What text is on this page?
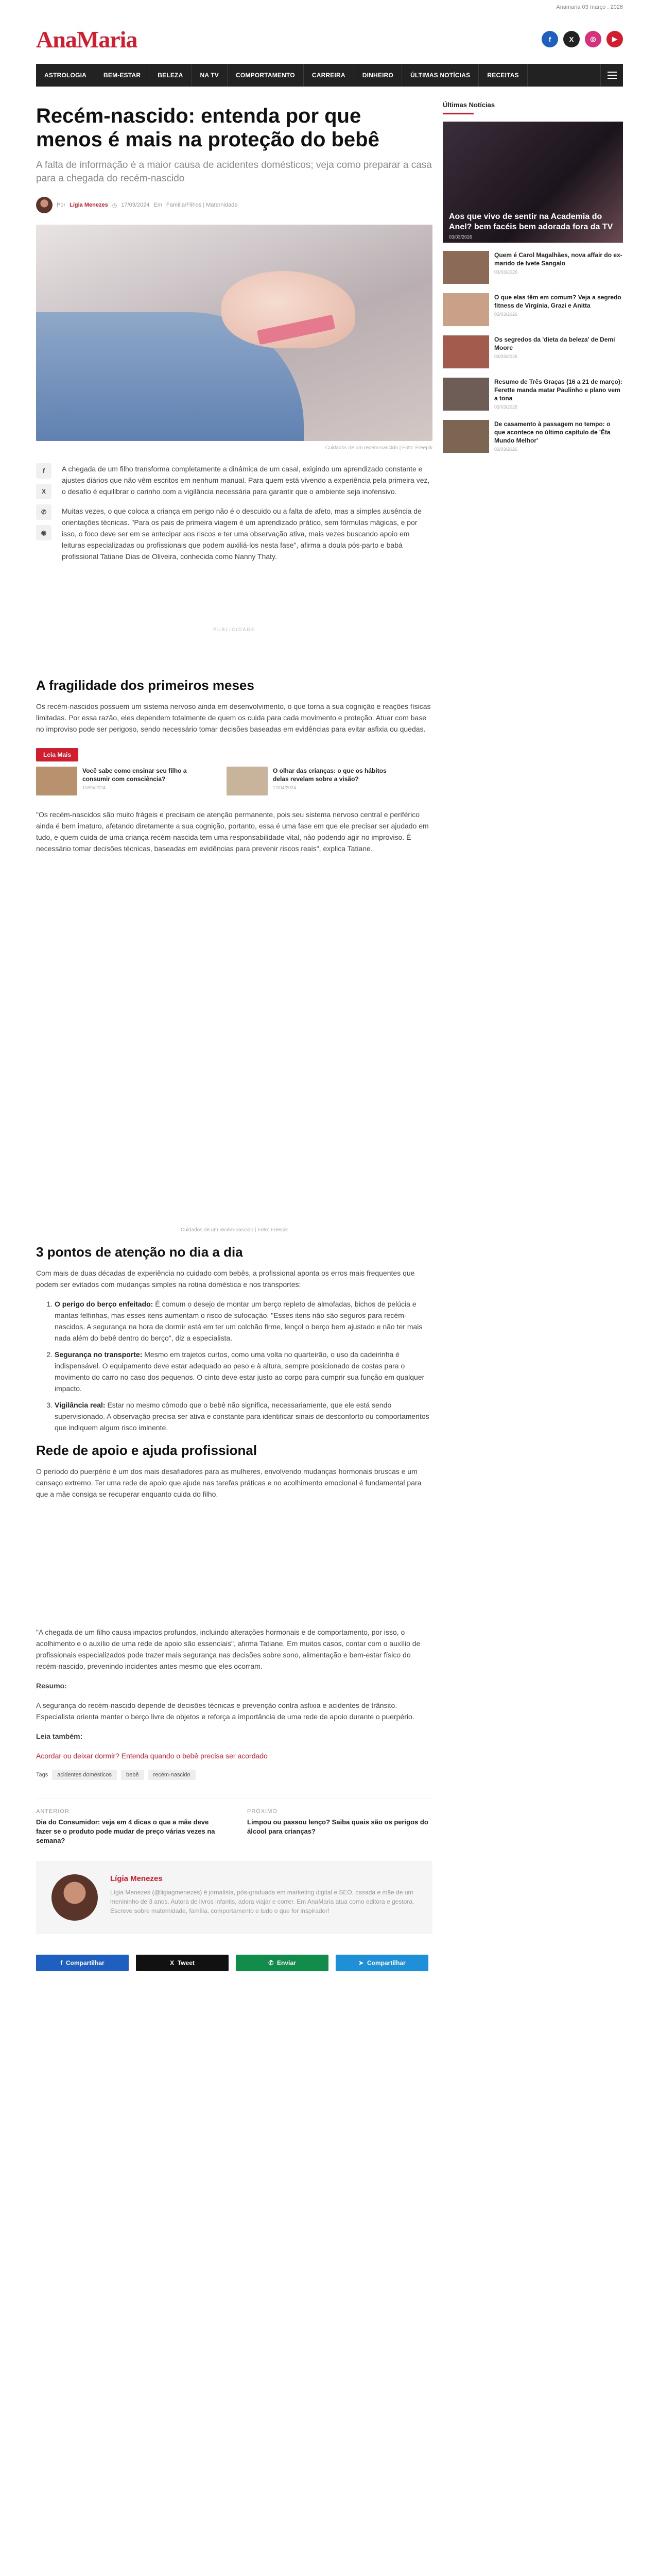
Anamaria 03 março , 2026
AnaMaria	f	X	◎	▶
ASTROLOGIA	BEM-ESTAR	BELEZA	NA TV	COMPORTAMENTO	CARREIRA	DINHEIRO	ÚLTIMAS NOTÍCIAS	RECEITAS
Recém-nascido: entenda por que menos é mais na proteção do bebê

A falta de informação é a maior causa de acidentes domésticos; veja como preparar a casa para a chegada do recém-nascido

Por Lígia Menezes ◷ 17/03/2024 Em Família/Filhos | Maternidade
Cuidados de um recém-nascido | Foto: Freepik
f
X
✆
◉

A chegada de um filho transforma completamente a dinâmica de um casal, exigindo um aprendizado constante e ajustes diários que não vêm escritos em nenhum manual. Para quem está vivendo a experiência pela primeira vez, o desafio é equilibrar o carinho com a vigilância necessária para garantir que o ambiente seja inofensivo.

Muitas vezes, o que coloca a criança em perigo não é o descuido ou a falta de afeto, mas a simples ausência de orientações técnicas. "Para os pais de primeira viagem é um aprendizado prático, sem fórmulas mágicas, e por isso, o foco deve ser em se antecipar aos riscos e ter uma observação ativa, mais vezes buscando apoio em leituras especializadas ou profissionais que podem auxiliá-los nesta fase", afirma a doula pós-parto e babá profissional Tatiane Dias de Oliveira, conhecida como Nanny Thaty.

PUBLICIDADE
A fragilidade dos primeiros meses

Os recém-nascidos possuem um sistema nervoso ainda em desenvolvimento, o que torna a sua cognição e reações físicas limitadas. Por essa razão, eles dependem totalmente de quem os cuida para cada movimento e proteção. Atuar com base no improviso pode ser perigoso, sendo necessário tomar decisões baseadas em evidências para evitar asfixia ou quedas.

Leia Mais
Você sabe como ensinar seu filho a consumir com consciência?
10/05/2024
O olhar das crianças: o que os hábitos delas revelam sobre a visão?
12/04/2024

"Os recém-nascidos são muito frágeis e precisam de atenção permanente, pois seu sistema nervoso central e periférico ainda é bem imaturo, afetando diretamente a sua cognição, portanto, essa é uma fase em que ele precisar ser ajudado em tudo, e quem cuida de uma criança recém-nascida tem uma responsabilidade vital, não podendo agir no improviso. É necessário tomar decisões técnicas, baseadas em evidências para prevenir riscos reais", explica Tatiane.

Cuidados de um recém-nascido | Foto: Freepik
3 pontos de atenção no dia a dia

Com mais de duas décadas de experiência no cuidado com bebês, a profissional aponta os erros mais frequentes que podem ser evitados com mudanças simples na rotina doméstica e nos transportes:

1. O perigo do berço enfeitado: É comum o desejo de montar um berço repleto de almofadas, bichos de pelúcia e mantas felfinhas, mas esses itens aumentam o risco de sufocação. "Esses itens não são seguros para recém-nascidos. A segurança na hora de dormir está em ter um colchão firme, lençol o berço bem ajustado e não ter mais nada além do bebê dentro do berço", diz a especialista.
2. Segurança no transporte: Mesmo em trajetos curtos, como uma volta no quarteirão, o uso da cadeirinha é indispensável. O equipamento deve estar adequado ao peso e à altura, sempre posicionado de costas para o movimento do carro no caso dos pequenos. O cinto deve estar justo ao corpo para cumprir sua função em qualquer impacto.
3. Vigilância real: Estar no mesmo cômodo que o bebê não significa, necessariamente, que ele está sendo supervisionado. A observação precisa ser ativa e constante para identificar sinais de desconforto ou comportamentos que indiquem algum risco iminente.
Rede de apoio e ajuda profissional

O período do puerpério é um dos mais desafiadores para as mulheres, envolvendo mudanças hormonais bruscas e um cansaço extremo. Ter uma rede de apoio que ajude nas tarefas práticas e no acolhimento emocional é fundamental para que a mãe consiga se recuperar enquanto cuida do filho.

"A chegada de um filho causa impactos profundos, incluindo alterações hormonais e de comportamento, por isso, o acolhimento e o auxílio de uma rede de apoio são essenciais", afirma Tatiane. Em muitos casos, contar com o auxílio de profissionais especializados pode trazer mais segurança nas decisões sobre sono, alimentação e bem-estar físico do recém-nascido, prevenindo incidentes antes mesmo que eles ocorram.

Resumo:

A segurança do recém-nascido depende de decisões técnicas e prevenção contra asfixia e acidentes de trânsito. Especialista orienta manter o berço livre de objetos e reforça a importância de uma rede de apoio durante o puerpério.

Leia também:

Acordar ou deixar dormir? Entenda quando o bebê precisa ser acordado

Tags	acidentes domésticos	bebê	recém-nascido
ANTERIOR
Dia do Consumidor: veja em 4 dicas o que a mãe deve fazer se o produto pode mudar de preço várias vezes na semana?
PRÓXIMO
Limpou ou passou lenço? Saiba quais são os perigos do álcool para crianças?
Lígia Menezes

Lígia Menezes (@ligiagmenezes) é jornalista, pós-graduada em marketing digital e SEO, casada e mãe de um menininho de 3 anos. Autora de livros infantis, adora viajar e correr. Em AnaMaria atua como editora e gestora. Escreve sobre maternidade, família, comportamento e tudo o que for inspirador!

f Compartilhar	X Tweet	✆ Enviar	➤ Compartilhar
Últimas Notícias
Aos que vivo de sentir na Academia do Anel? bem facéis bem adorada fora da TV
03/03/2026
Quem é Carol Magalhães, nova affair do ex-marido de Ivete Sangalo
03/03/2026
O que elas têm em comum? Veja a segredo fitness de Virgínia, Grazi e Anitta
03/03/2026
Os segredos da 'dieta da beleza' de Demi Moore
03/03/2026
Resumo de Três Graças (16 a 21 de março): Ferette manda matar Paulinho e plano vem a tona
03/03/2026
De casamento à passagem no tempo: o que acontece no último capítulo de 'Êta Mundo Melhor'
03/03/2026
